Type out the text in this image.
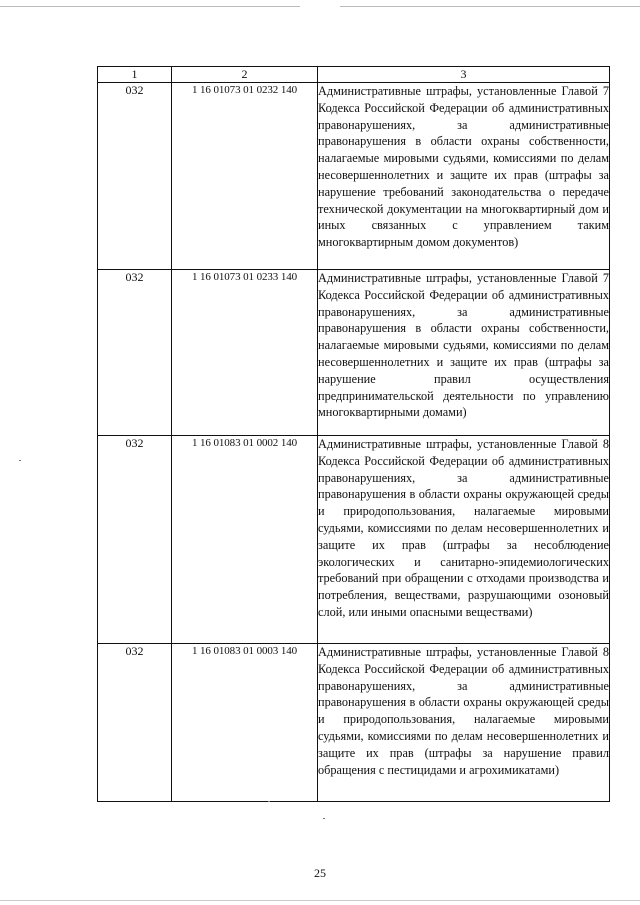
1	2	3
032	1 16 01073 01 0232 140	Административные штрафы, установленные Главой 7 Кодекса Российской Федерации об административных правонарушениях, за административные правонарушения в области охраны собственности, налагаемые мировыми судьями, комиссиями по делам несовершеннолетних и защите их прав (штрафы за нарушение требований законодательства о передаче технической документации на многоквартирный дом и иных связанных с управлением таким многоквартирным домом документов)
032	1 16 01073 01 0233 140	Административные штрафы, установленные Главой 7 Кодекса Российской Федерации об административных правонарушениях, за административные правонарушения в области охраны собственности, налагаемые мировыми судьями, комиссиями по делам несовершеннолетних и защите их прав (штрафы за нарушение правил осуществления предпринимательской деятельности по управлению многоквартирными домами)
032	1 16 01083 01 0002 140	Административные штрафы, установленные Главой 8 Кодекса Российской Федерации об административных правонарушениях, за административные правонарушения в области охраны окружающей среды и природопользования, налагаемые мировыми судьями, комиссиями по делам несовершеннолетних и защите их прав (штрафы за несоблюдение экологических и санитарно-эпидемиологических требований при обращении с отходами производства и потребления, веществами, разрушающими озоновый слой, или иными опасными веществами)
032	1 16 01083 01 0003 140	Административные штрафы, установленные Главой 8 Кодекса Российской Федерации об административных правонарушениях, за административные правонарушения в области охраны окружающей среды и природопользования, налагаемые мировыми судьями, комиссиями по делам несовершеннолетних и защите их прав (штрафы за нарушение правил обращения с пестицидами и агрохимикатами)
25
